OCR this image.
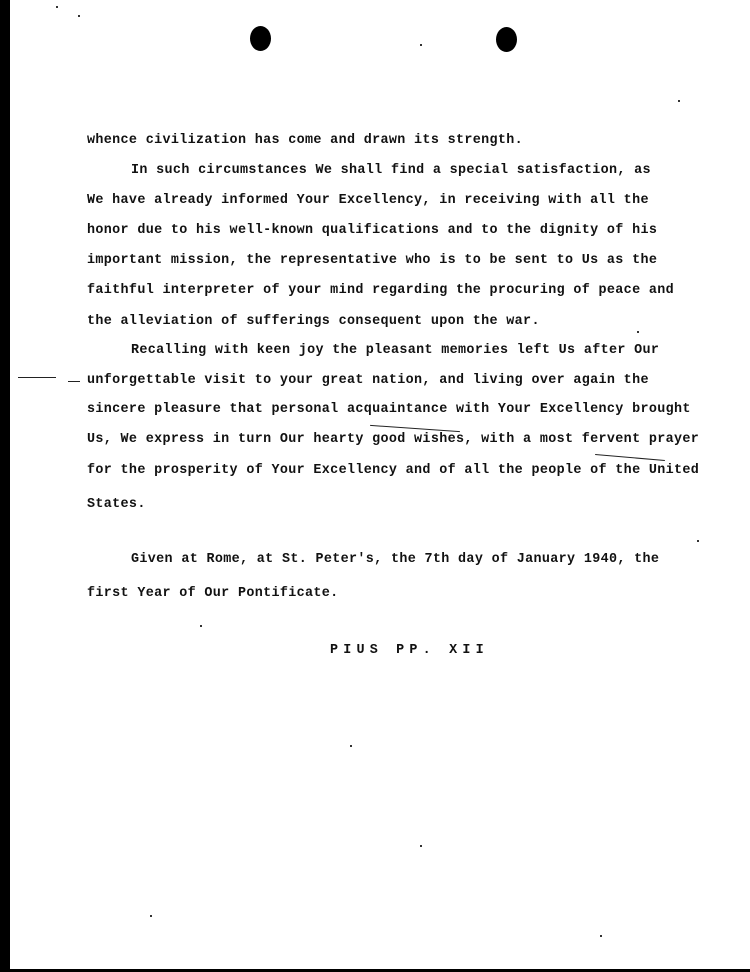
whence civilization has come and drawn its strength.
In such circumstances We shall find a special satisfaction, as
We have already informed Your Excellency, in receiving with all the
honor due to his well-known qualifications and to the dignity of his
important mission, the representative who is to be sent to Us as the
faithful interpreter of your mind regarding the procuring of peace and
the alleviation of sufferings consequent upon the war.
Recalling with keen joy the pleasant memories left Us after Our
unforgettable visit to your great nation, and living over again the
sincere pleasure that personal acquaintance with Your Excellency brought
Us, We express in turn Our hearty good wishes, with a most fervent prayer
for the prosperity of Your Excellency and of all the people of the United
States.
Given at Rome, at St. Peter's, the 7th day of January 1940, the
first Year of Our Pontificate.
PIUS PP. XII
